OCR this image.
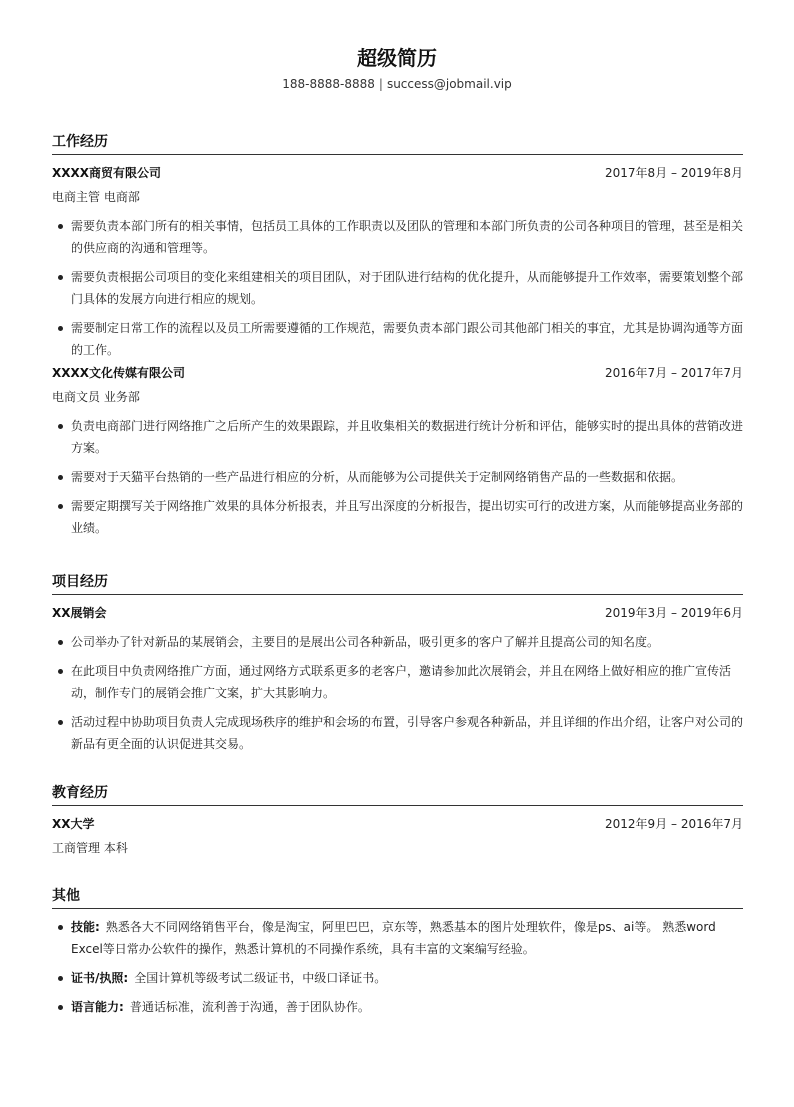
超级简历
188-8888-8888 | success@jobmail.vip
工作经历
XXXX商贸有限公司	2017年8月 – 2019年8月
电商主管 电商部
需要负责本部门所有的相关事情，包括员工具体的工作职责以及团队的管理和本部门所负责的公司各种项目的管理，甚至是相关的供应商的沟通和管理等。
需要负责根据公司项目的变化来组建相关的项目团队，对于团队进行结构的优化提升，从而能够提升工作效率，需要策划整个部门具体的发展方向进行相应的规划。
需要制定日常工作的流程以及员工所需要遵循的工作规范，需要负责本部门跟公司其他部门相关的事宜，尤其是协调沟通等方面的工作。
XXXX文化传媒有限公司	2016年7月 – 2017年7月
电商文员 业务部
负责电商部门进行网络推广之后所产生的效果跟踪，并且收集相关的数据进行统计分析和评估，能够实时的提出具体的营销改进方案。
需要对于天猫平台热销的一些产品进行相应的分析，从而能够为公司提供关于定制网络销售产品的一些数据和依据。
需要定期撰写关于网络推广效果的具体分析报表，并且写出深度的分析报告，提出切实可行的改进方案，从而能够提高业务部的业绩。
项目经历
XX展销会	2019年3月 – 2019年6月
公司举办了针对新品的某展销会，主要目的是展出公司各种新品，吸引更多的客户了解并且提高公司的知名度。
在此项目中负责网络推广方面，通过网络方式联系更多的老客户，邀请参加此次展销会，并且在网络上做好相应的推广宣传活动，制作专门的展销会推广文案，扩大其影响力。
活动过程中协助项目负责人完成现场秩序的维护和会场的布置，引导客户参观各种新品，并且详细的作出介绍，让客户对公司的新品有更全面的认识促进其交易。
教育经历
XX大学	2012年9月 – 2016年7月
工商管理 本科
其他
技能: 熟悉各大不同网络销售平台，像是淘宝，阿里巴巴，京东等，熟悉基本的图片处理软件，像是ps、ai等。 熟悉word Excel等日常办公软件的操作，熟悉计算机的不同操作系统，具有丰富的文案编写经验。
证书/执照: 全国计算机等级考试二级证书，中级口译证书。
语言能力: 普通话标准，流利善于沟通，善于团队协作。
